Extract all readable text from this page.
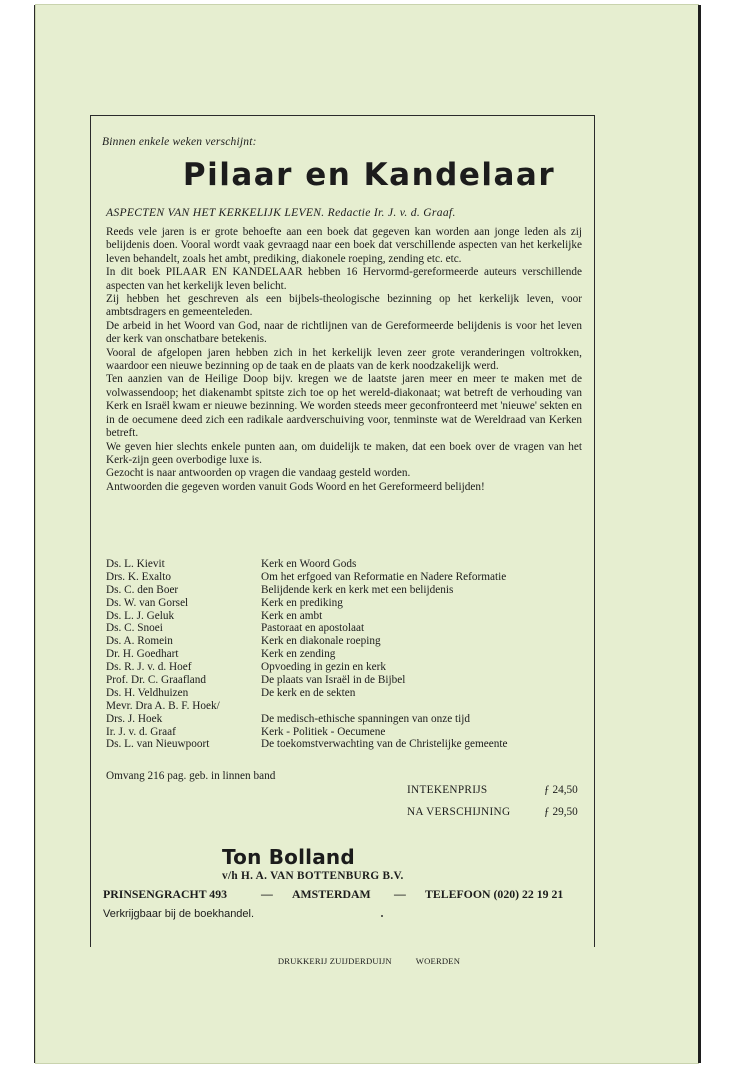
Binnen enkele weken verschijnt:
Pilaar en Kandelaar
ASPECTEN VAN HET KERKELIJK LEVEN. Redactie Ir. J. v. d. Graaf.

Reeds vele jaren is er grote behoefte aan een boek dat gegeven kan worden aan jonge leden als zij belijdenis doen. Vooral wordt vaak gevraagd naar een boek dat verschillende aspecten van het kerkelijke leven behandelt, zoals het ambt, prediking, diakonele roeping, zending etc. etc.

In dit boek PILAAR EN KANDELAAR hebben 16 Hervormd-gereformeerde auteurs verschillende aspecten van het kerkelijk leven belicht.

Zij hebben het geschreven als een bijbels-theologische bezinning op het kerkelijk leven, voor ambtsdragers en gemeenteleden.

De arbeid in het Woord van God, naar de richtlijnen van de Gereformeerde belijdenis is voor het leven der kerk van onschatbare betekenis.

Vooral de afgelopen jaren hebben zich in het kerkelijk leven zeer grote veranderingen voltrokken, waardoor een nieuwe bezinning op de taak en de plaats van de kerk noodzakelijk werd.

Ten aanzien van de Heilige Doop bijv. kregen we de laatste jaren meer en meer te maken met de volwassendoop; het diakenambt spitste zich toe op het wereld-diakonaat; wat betreft de verhouding van Kerk en Israël kwam er nieuwe bezinning. We worden steeds meer geconfronteerd met 'nieuwe' sekten en in de oecumene deed zich een radikale aardverschuiving voor, tenminste wat de Wereldraad van Kerken betreft.

We geven hier slechts enkele punten aan, om duidelijk te maken, dat een boek over de vragen van het Kerk-zijn geen overbodige luxe is.

Gezocht is naar antwoorden op vragen die vandaag gesteld worden.

Antwoorden die gegeven worden vanuit Gods Woord en het Gereformeerd belijden!

Ds. L. Kievit	Kerk en Woord Gods
Drs. K. Exalto	Om het erfgoed van Reformatie en Nadere Reformatie
Ds. C. den Boer	Belijdende kerk en kerk met een belijdenis
Ds. W. van Gorsel	Kerk en prediking
Ds. L. J. Geluk	Kerk en ambt
Ds. C. Snoei	Pastoraat en apostolaat
Ds. A. Romein	Kerk en diakonale roeping
Dr. H. Goedhart	Kerk en zending
Ds. R. J. v. d. Hoef	Opvoeding in gezin en kerk
Prof. Dr. C. Graafland	De plaats van Israël in de Bijbel
Ds. H. Veldhuizen	De kerk en de sekten
Mevr. Dra A. B. F. Hoek/
Drs. J. Hoek	De medisch-ethische spanningen van onze tijd
Ir. J. v. d. Graaf	Kerk - Politiek - Oecumene
Ds. L. van Nieuwpoort	De toekomstverwachting van de Christelijke gemeente
Omvang 216 pag. geb. in linnen band
INTEKENPRIJS	ƒ 24,50
NA VERSCHIJNING	ƒ 29,50
Ton Bolland
v/h H. A. VAN BOTTENBURG B.V.
PRINSENGRACHT 493	— AMSTERDAM — TELEFOON (020) 22 19 21
Verkrijgbaar bij de boekhandel.
DRUKKERIJ ZUIJDERDUIJN	WOERDEN
